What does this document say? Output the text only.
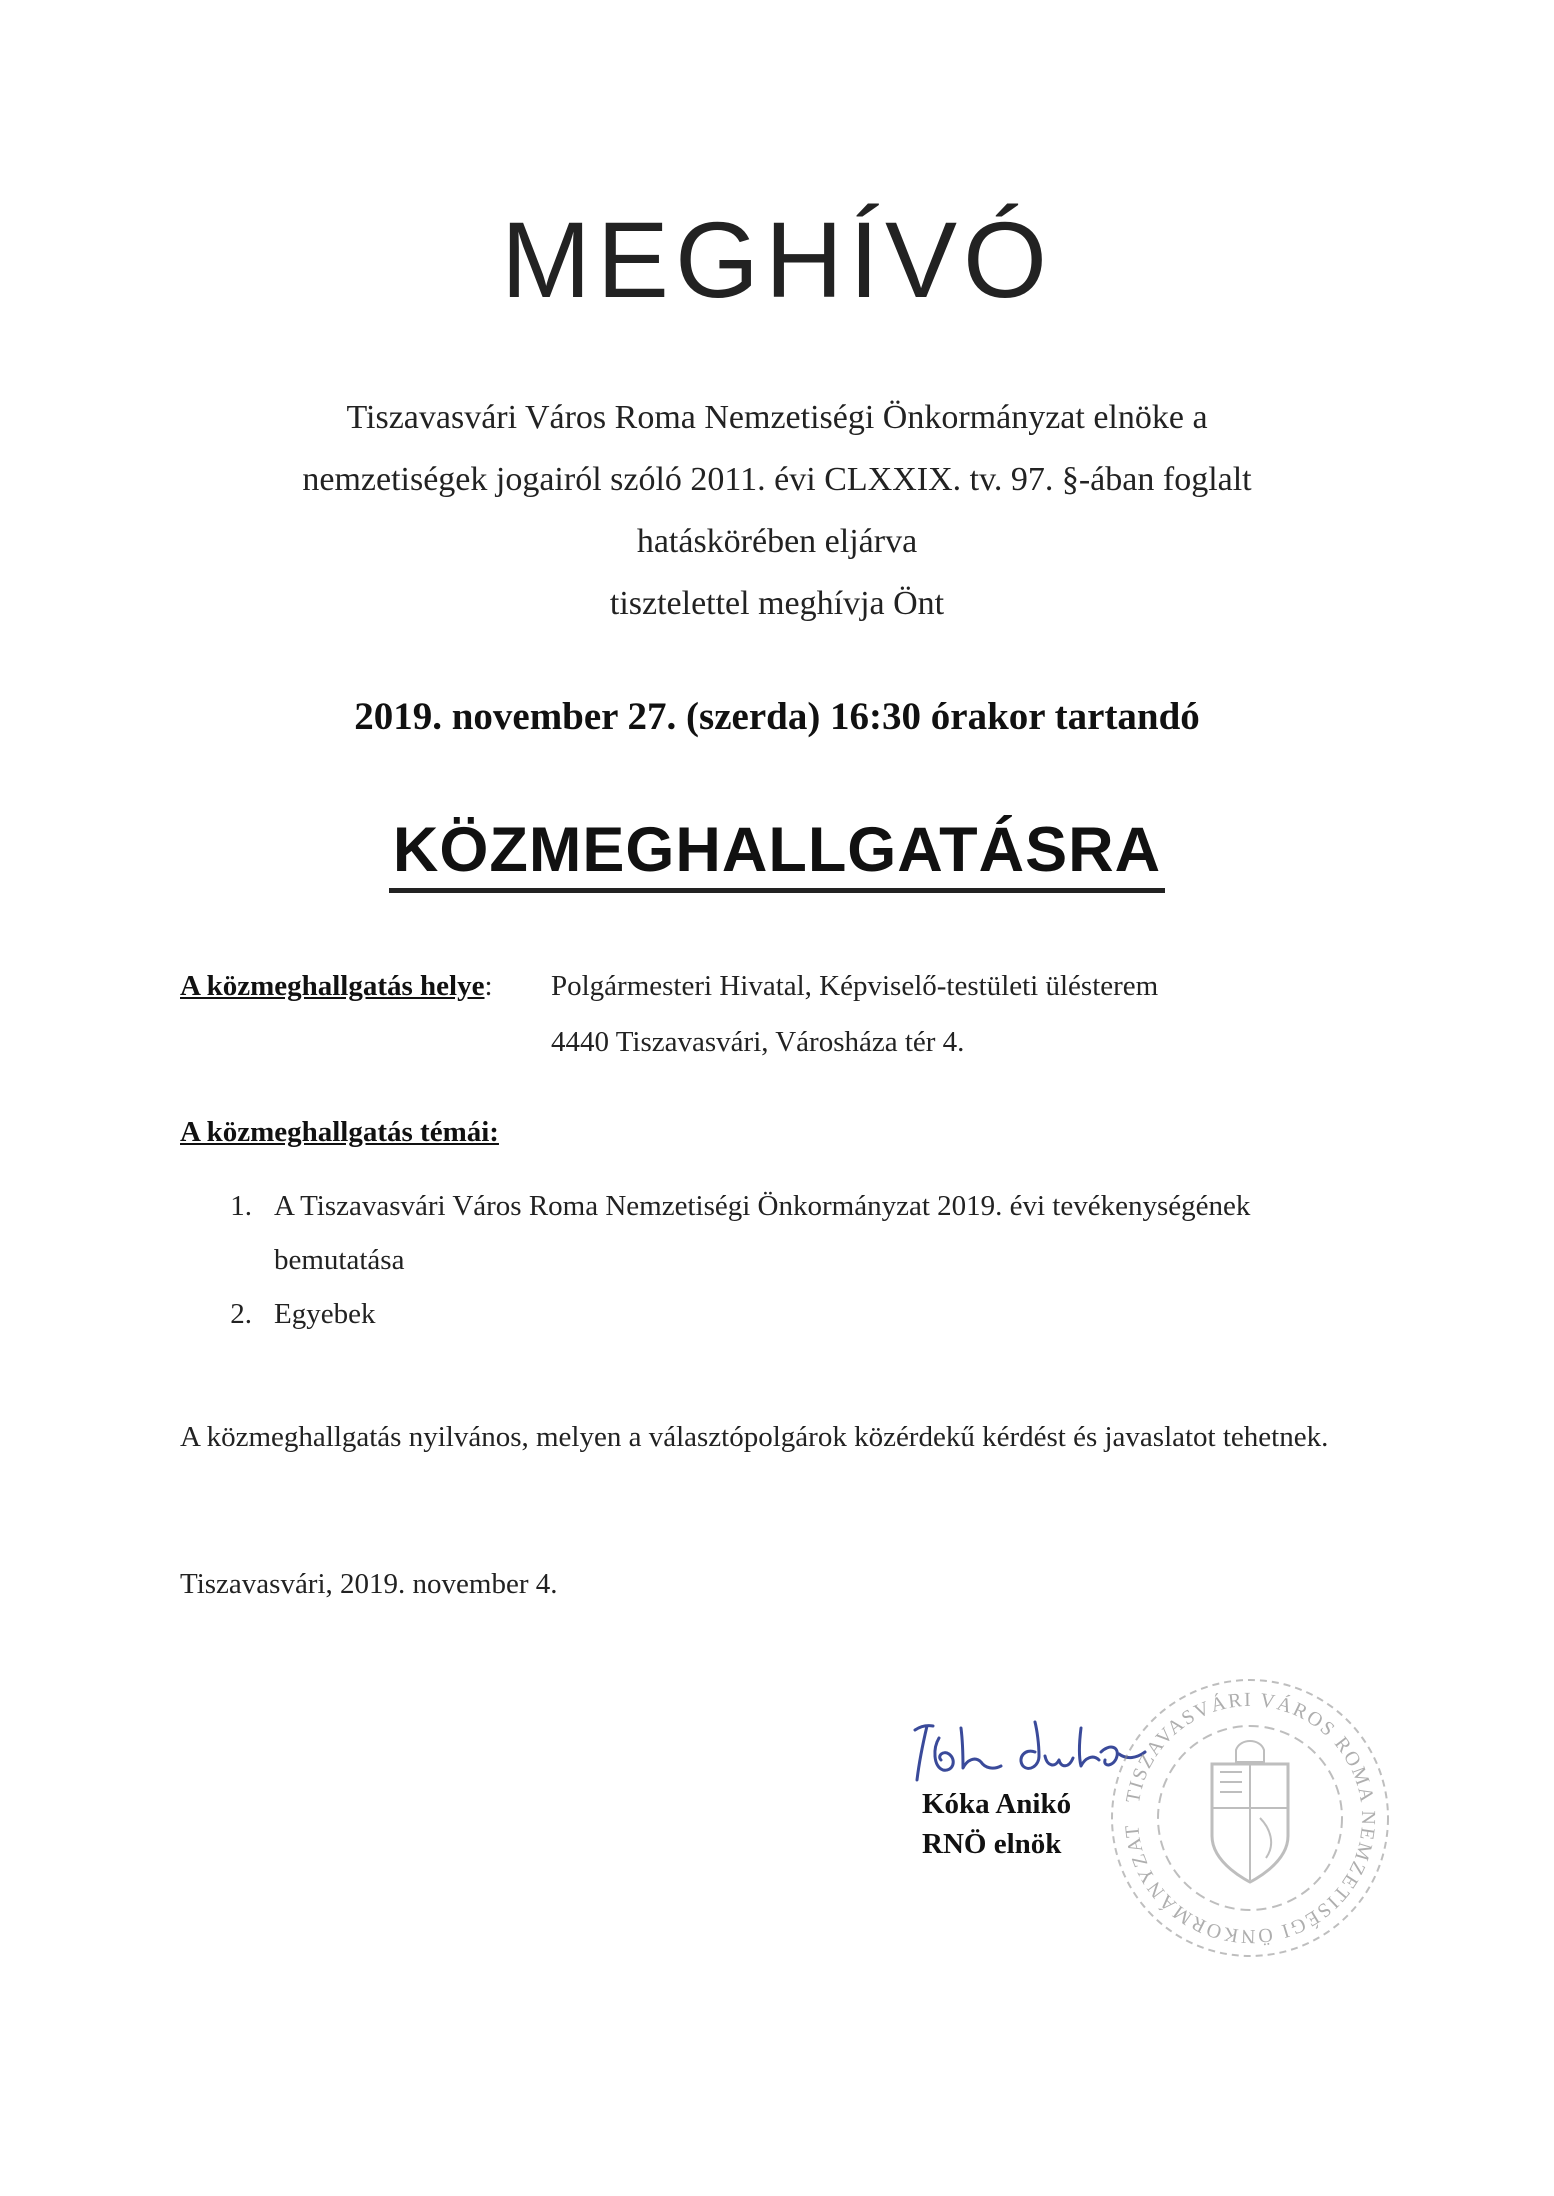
MEGHÍVÓ
Tiszavasvári Város Roma Nemzetiségi Önkormányzat elnöke a
nemzetiségek jogairól szóló 2011. évi CLXXIX. tv. 97. §-ában foglalt
hatáskörében eljárva
tisztelettel meghívja Önt
2019. november 27. (szerda) 16:30 órakor tartandó
KÖZMEGHALLGATÁSRA
A közmeghallgatás helye: Polgármesteri Hivatal, Képviselő-testületi ülésterem
4440 Tiszavasvári, Városháza tér 4.
A közmeghallgatás témái:
1. A Tiszavasvári Város Roma Nemzetiségi Önkormányzat 2019. évi tevékenységének
bemutatása
2. Egyebek
A közmeghallgatás nyilvános, melyen a választópolgárok közérdekű kérdést és javaslatot tehetnek.
Tiszavasvári, 2019. november 4.
Kóka Anikó
RNÖ elnök
TISZAVASVÁRI VÁROS ROMA NEMZETISÉGI ÖNKORMÁNYZAT
